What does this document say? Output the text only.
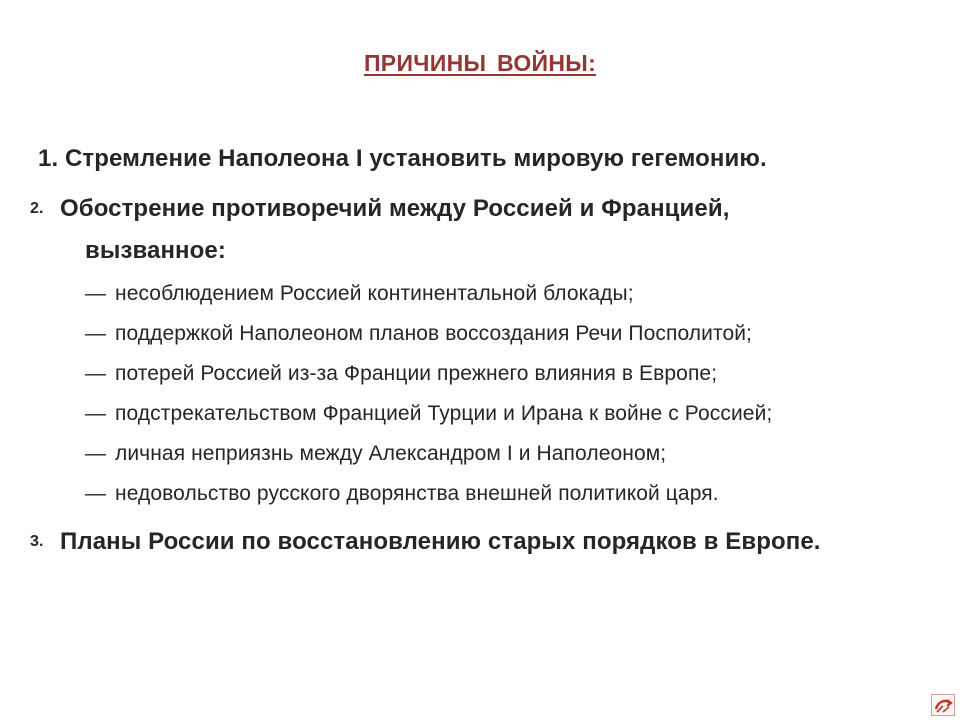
ПРИЧИНЫ ВОЙНЫ:
1. Стремление Наполеона I установить мировую гегемонию.
2. Обострение противоречий между Россией и Францией,
вызванное:
— несоблюдением Россией континентальной блокады;
— поддержкой Наполеоном планов воссоздания Речи Посполитой;
— потерей Россией из-за Франции прежнего влияния в Европе;
— подстрекательством Францией Турции и Ирана к войне с Россией;
— личная неприязнь между Александром I и Наполеоном;
— недовольство русского дворянства внешней политикой царя.
3. Планы России по восстановлению старых порядков в Европе.
